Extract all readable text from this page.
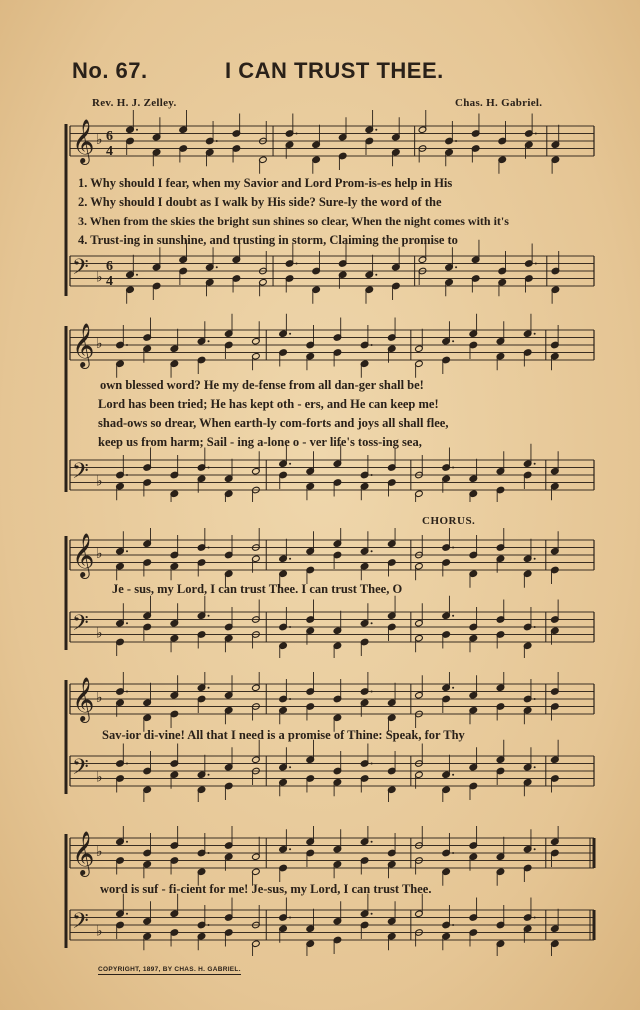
No. 67.	I CAN TRUST THEE.
Rev. H. J. Zelley.	Chas. H. Gabriel.
𝄞 ♭ 6
4
𝄢 ♭
6
4
1. Why should I fear, when my Savior and Lord Prom-is-es help in His
2. Why should I doubt as I walk by His side? Sure-ly the word of the
3. When from the skies the bright sun shines so clear, When the night comes with it's
4. Trust-ing in sunshine, and trusting in storm, Claiming the promise to
𝄞 ♭
𝄢 ♭
own blessed word? He my de-fense from all dan-ger shall be!
Lord has been tried; He has kept oth - ers, and He can keep me!
shad-ows so drear, When earth-ly com-forts and joys all shall flee,
keep us from harm; Sail - ing a-lone o - ver life's toss-ing sea,
CHORUS.
𝄞 ♭
𝄢 ♭
Je - sus, my Lord, I can trust Thee. I can trust Thee, O
𝄞 ♭
𝄢 ♭
Sav-ior di-vine! All that I need is a promise of Thine: Speak, for Thy
𝄞 ♭
𝄢 ♭
word is suf - fi-cient for me! Je-sus, my Lord, I can trust Thee.
COPYRIGHT, 1897, BY CHAS. H. GABRIEL.
